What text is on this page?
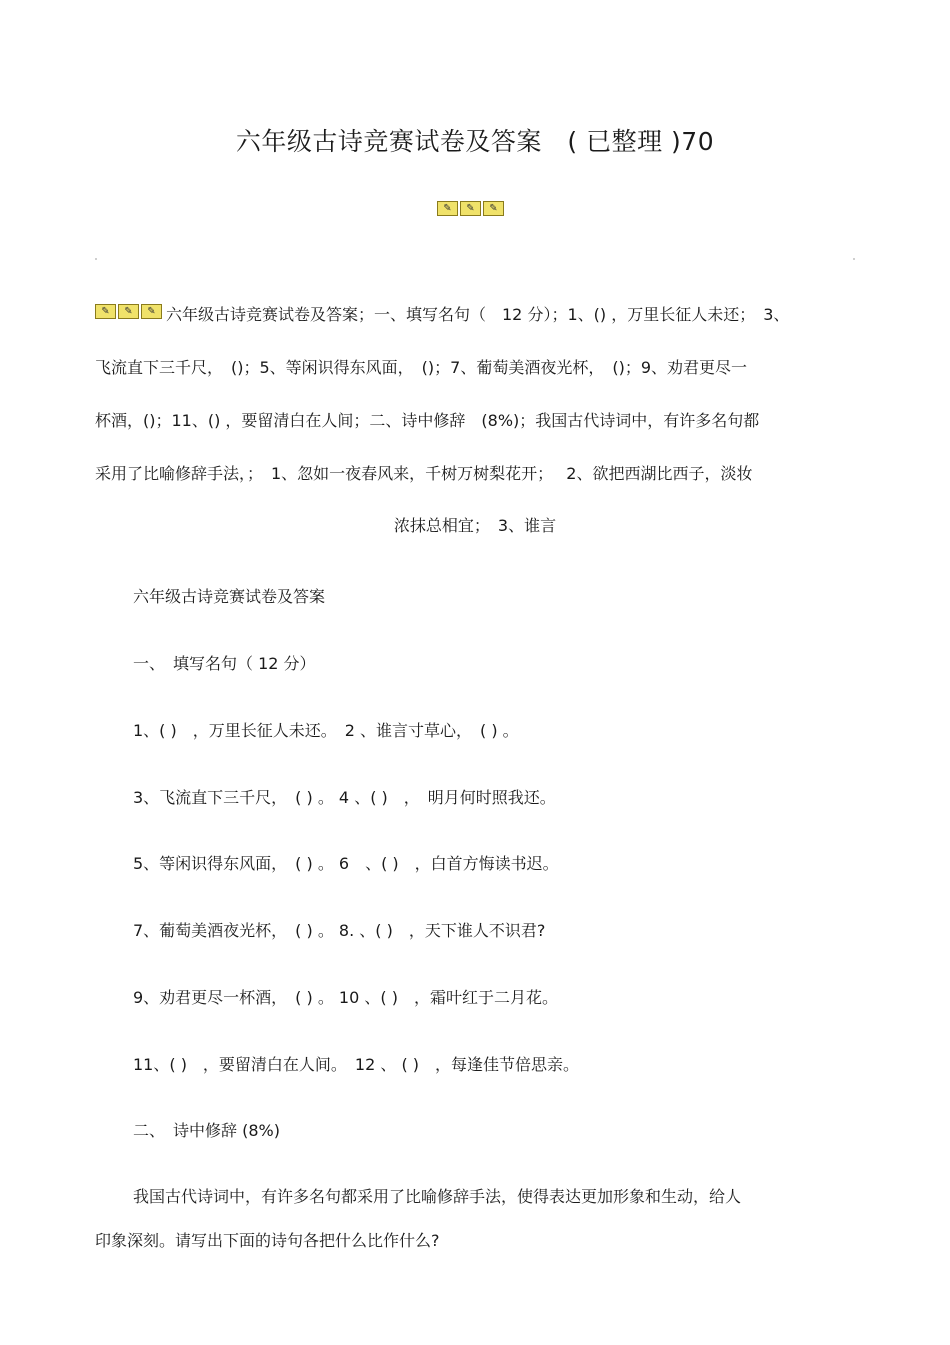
六年级古诗竞赛试卷及答案　( 已整理 )70
✎	✎	✎
✎	✎	✎ 六年级古诗竞赛试卷及答案；一、填写名句（　12 分）；1、() ，万里长征人未还；　3、
飞流直下三千尺，　()；5、等闲识得东风面，　()；7、葡萄美酒夜光杯，　()；9、劝君更尽一
杯酒，()；11、() ，要留清白在人间；二、诗中修辞　(8%)；我国古代诗词中，有许多名句都
采用了比喻修辞手法，；　1、忽如一夜春风来，千树万树梨花开；　 2、欲把西湖比西子，淡妆
浓抹总相宜；　3、谁言
六年级古诗竞赛试卷及答案
一、　填写名句（ 12 分）
1、( )　，万里长征人未还。　2 、谁言寸草心，　( ) 。
3、飞流直下三千尺，　( ) 。 4 、( )　，　明月何时照我还。
5、等闲识得东风面，　( ) 。 6　、( )　，白首方悔读书迟。
7、葡萄美酒夜光杯，　( ) 。 8. 、( )　，天下谁人不识君?
9、劝君更尽一杯酒，　( ) 。 10 、( )　，霜叶红于二月花。
11、( )　，要留清白在人间。　12 、 ( )　，每逢佳节倍思亲。
二、　诗中修辞 (8%)
我国古代诗词中，有许多名句都采用了比喻修辞手法，使得表达更加形象和生动，给人
印象深刻。请写出下面的诗句各把什么比作什么?
